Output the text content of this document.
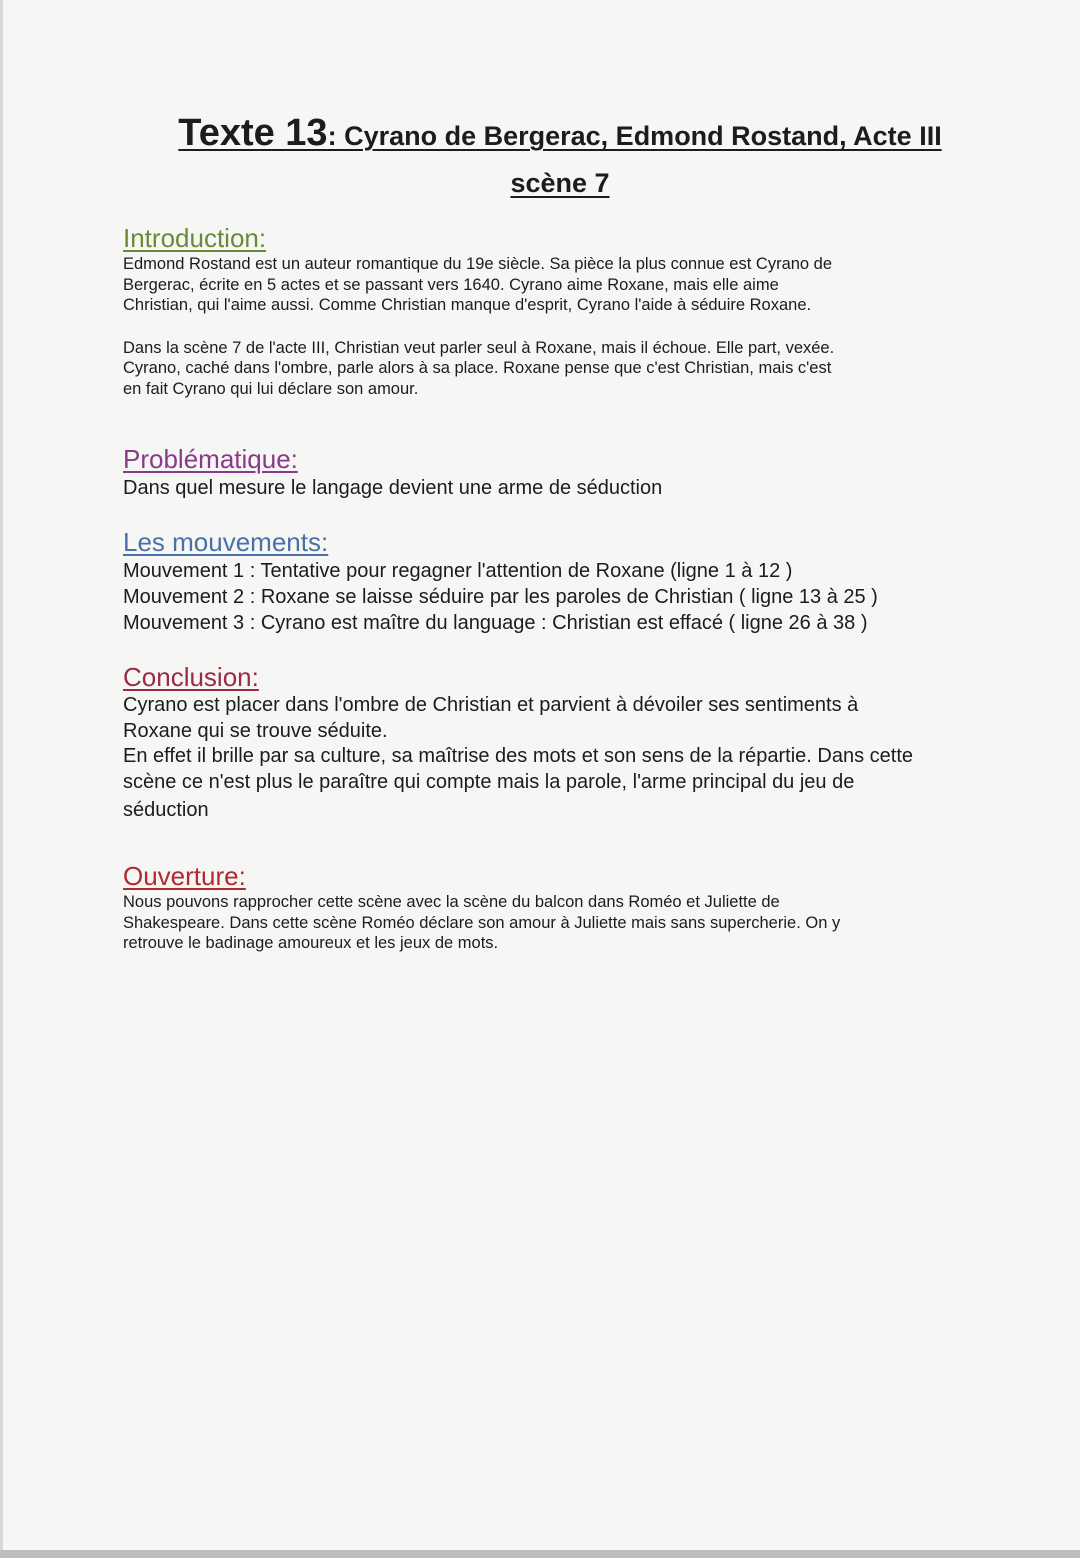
Texte 13: Cyrano de Bergerac, Edmond Rostand, Acte III
scène 7
Introduction:

Edmond Rostand est un auteur romantique du 19e siècle. Sa pièce la plus connue est Cyrano de

Bergerac, écrite en 5 actes et se passant vers 1640. Cyrano aime Roxane, mais elle aime

Christian, qui l'aime aussi. Comme Christian manque d'esprit, Cyrano l'aide à séduire Roxane.

Dans la scène 7 de l'acte III, Christian veut parler seul à Roxane, mais il échoue. Elle part, vexée.

Cyrano, caché dans l'ombre, parle alors à sa place. Roxane pense que c'est Christian, mais c'est

en fait Cyrano qui lui déclare son amour.

Problématique:

Dans quel mesure le langage devient une arme de séduction

Les mouvements:

Mouvement 1 : Tentative pour regagner l'attention de Roxane (ligne 1 à 12 )

Mouvement 2 : Roxane se laisse séduire par les paroles de Christian ( ligne 13 à 25 )

Mouvement 3 : Cyrano est maître du language : Christian est effacé ( ligne 26 à 38 )

Conclusion:

Cyrano est placer dans l'ombre de Christian et parvient à dévoiler ses sentiments à

Roxane qui se trouve séduite.

En effet il brille par sa culture, sa maîtrise des mots et son sens de la répartie. Dans cette

scène ce n'est plus le paraître qui compte mais la parole, l'arme principal du jeu de

séduction

Ouverture:

Nous pouvons rapprocher cette scène avec la scène du balcon dans Roméo et Juliette de

Shakespeare. Dans cette scène Roméo déclare son amour à Juliette mais sans supercherie. On y

retrouve le badinage amoureux et les jeux de mots.
